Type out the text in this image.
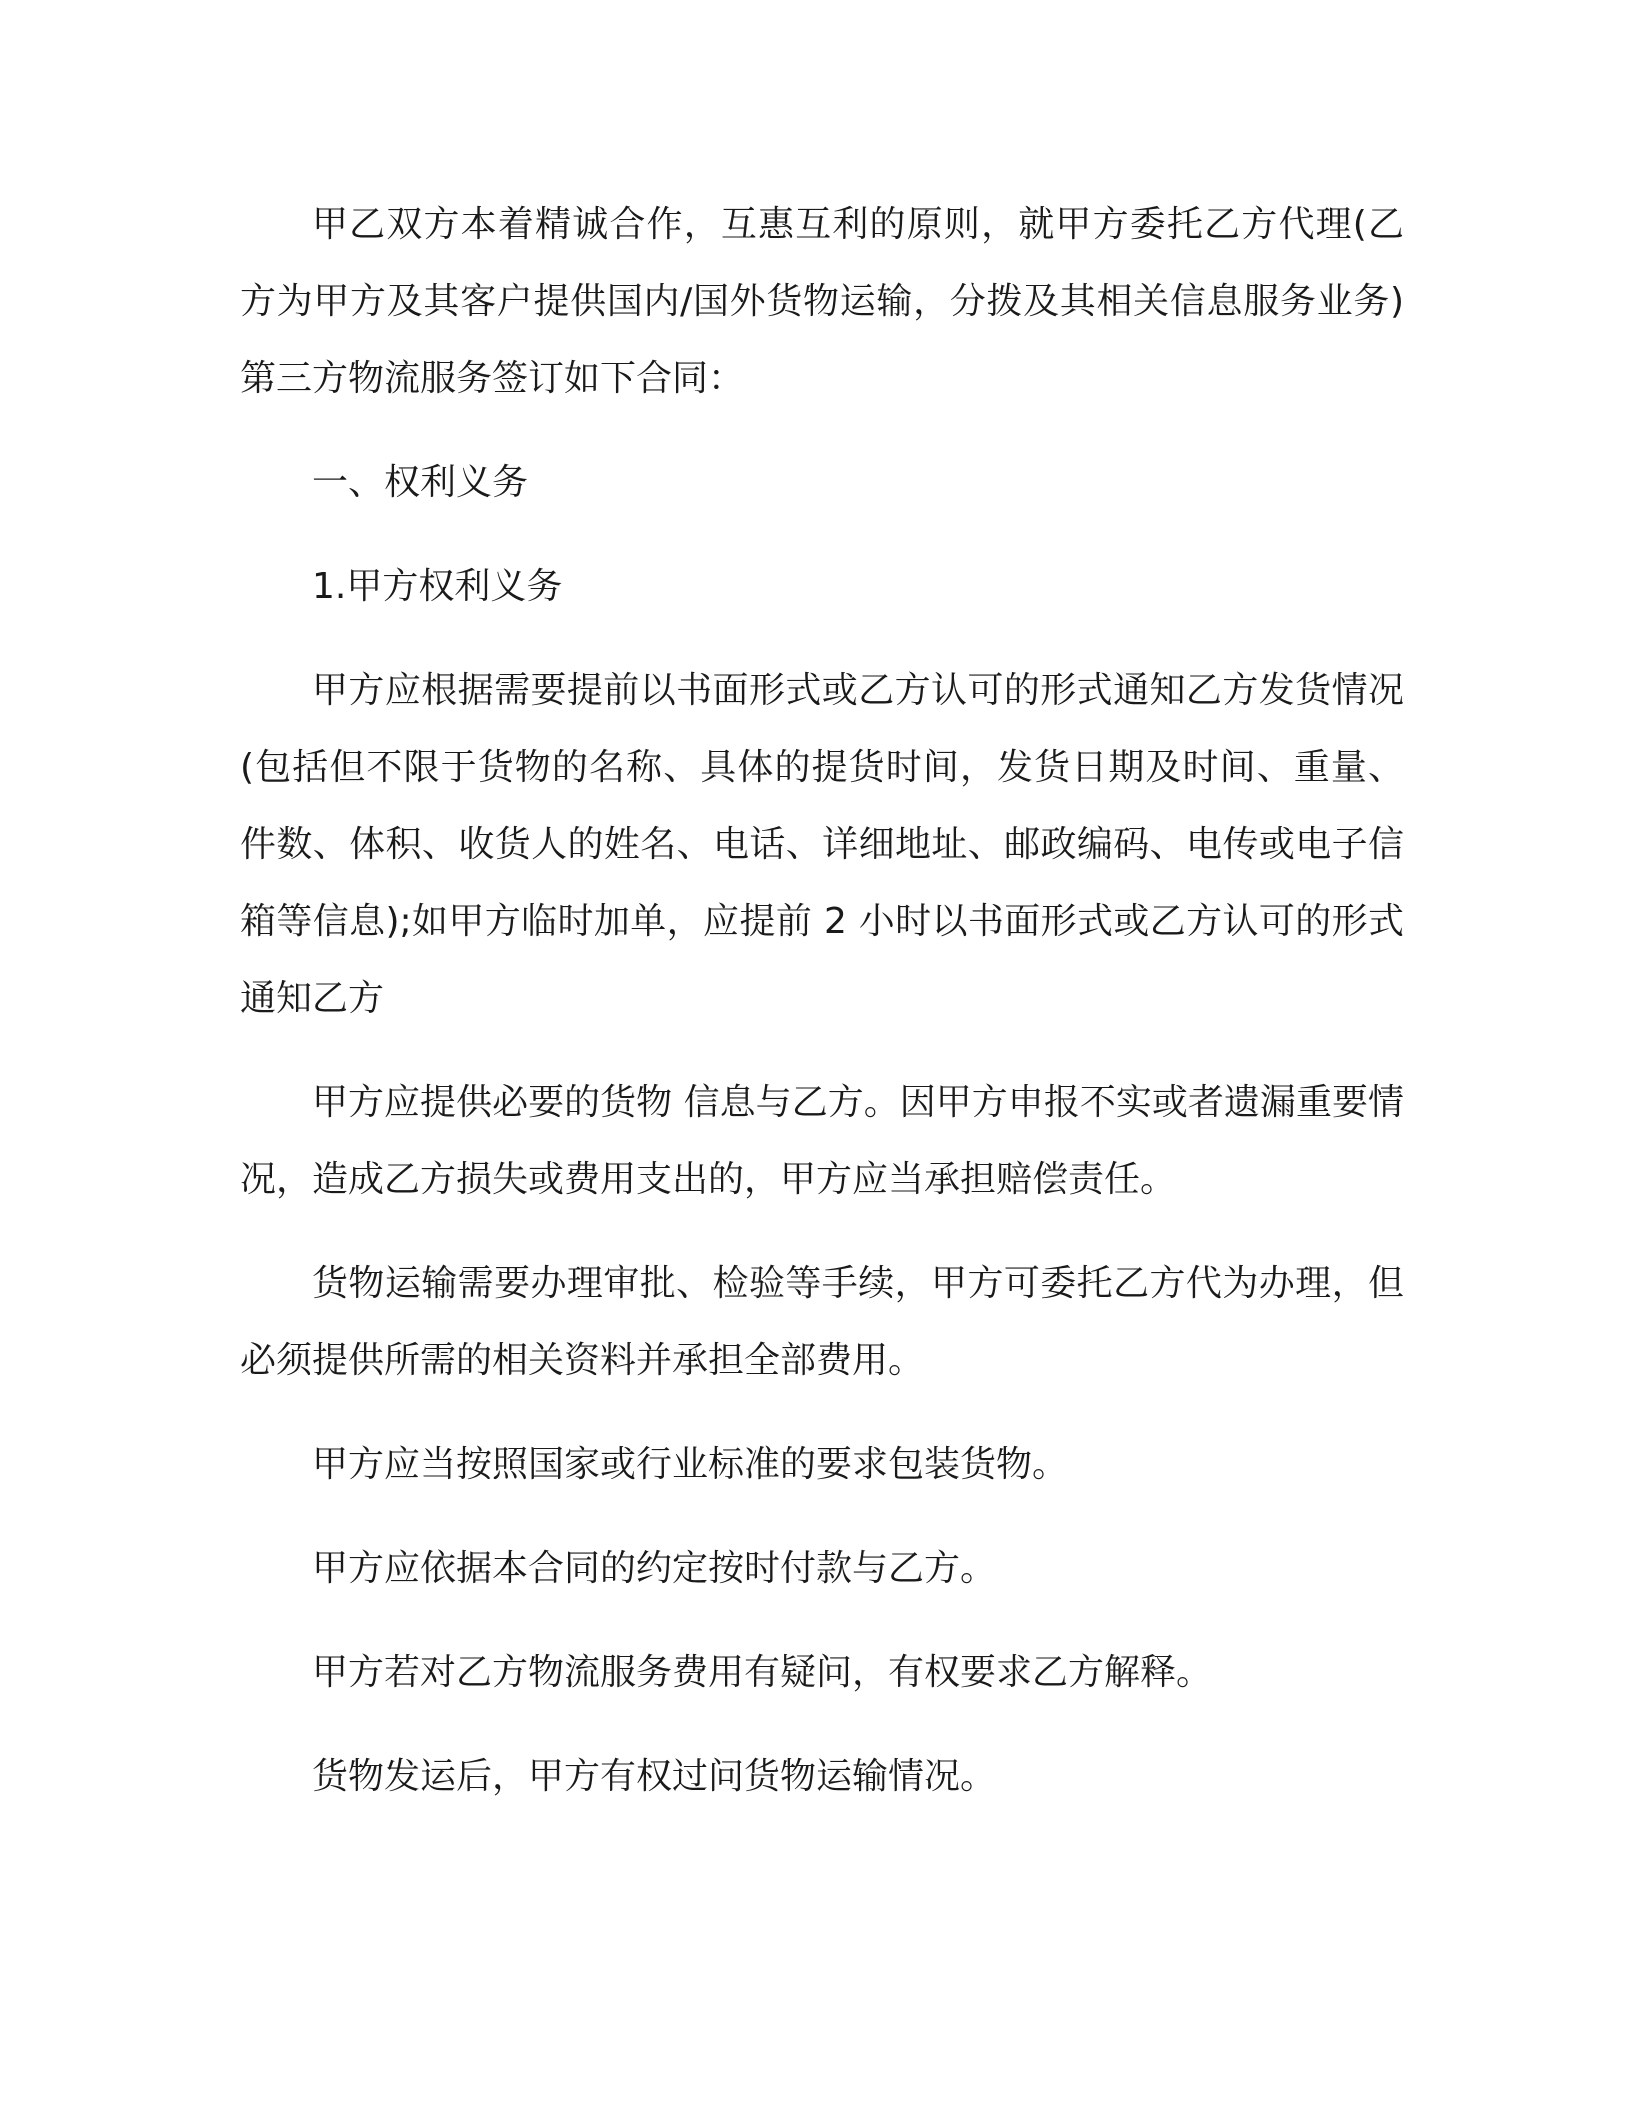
甲乙双方本着精诚合作，互惠互利的原则，就甲方委托乙方代理(乙方为甲方及其客户提供国内/国外货物运输，分拨及其相关信息服务业务)第三方物流服务签订如下合同：

一、权利义务

1.甲方权利义务

甲方应根据需要提前以书面形式或乙方认可的形式通知乙方发货情况(包括但不限于货物的名称、具体的提货时间，发货日期及时间、重量、件数、体积、收货人的姓名、电话、详细地址、邮政编码、电传或电子信箱等信息);如甲方临时加单，应提前 2 小时以书面形式或乙方认可的形式通知乙方

甲方应提供必要的货物 信息与乙方。因甲方申报不实或者遗漏重要情况，造成乙方损失或费用支出的，甲方应当承担赔偿责任。

货物运输需要办理审批、检验等手续，甲方可委托乙方代为办理，但必须提供所需的相关资料并承担全部费用。

甲方应当按照国家或行业标准的要求包装货物。

甲方应依据本合同的约定按时付款与乙方。

甲方若对乙方物流服务费用有疑问，有权要求乙方解释。

货物发运后，甲方有权过问货物运输情况。
